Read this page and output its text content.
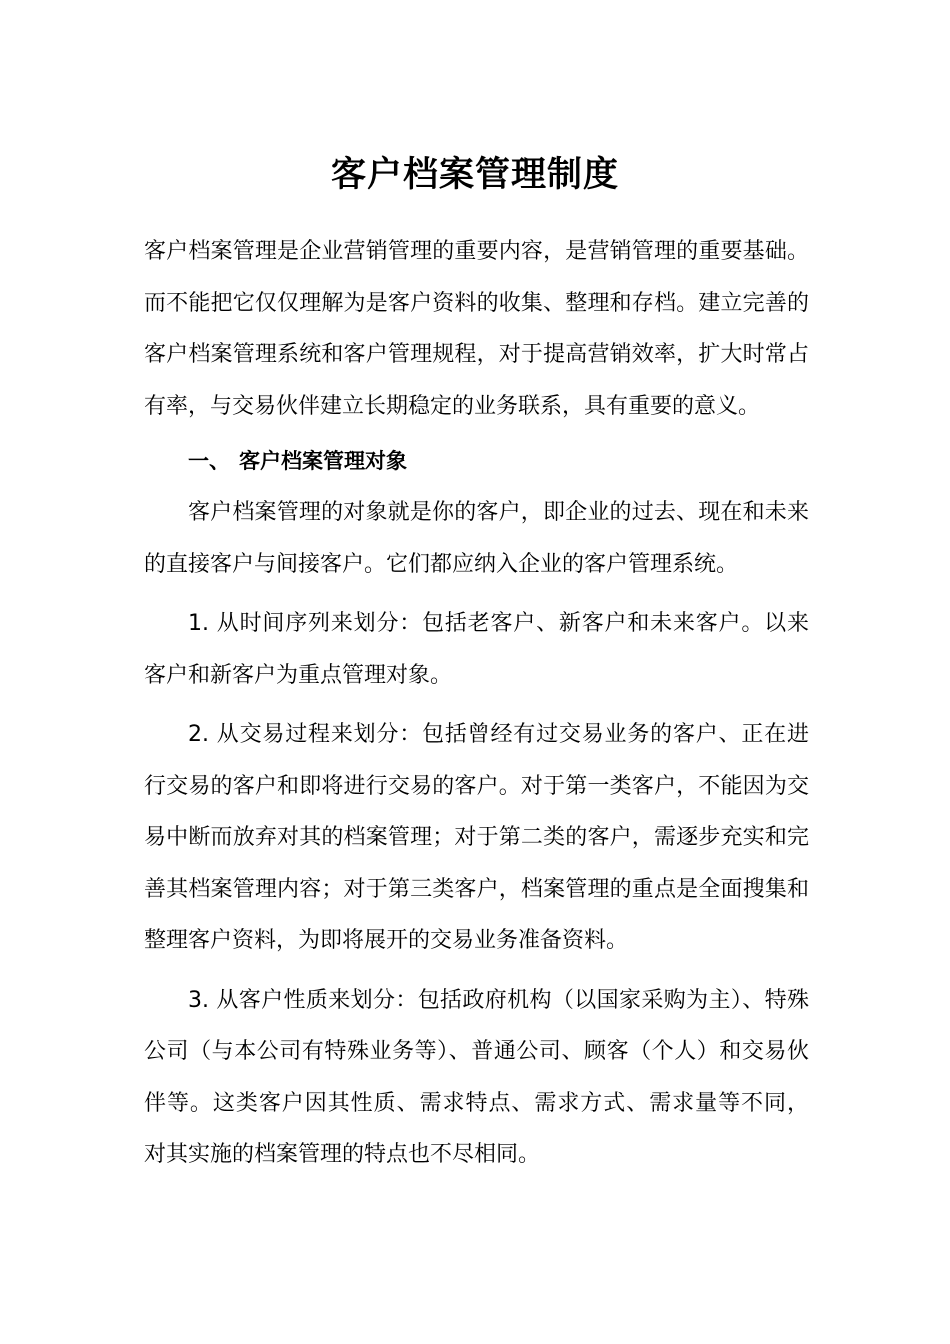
客户档案管理制度

客户档案管理是企业营销管理的重要内容，是营销管理的重要基础。而不能把它仅仅理解为是客户资料的收集、整理和存档。建立完善的客户档案管理系统和客户管理规程，对于提高营销效率，扩大时常占有率，与交易伙伴建立长期稳定的业务联系，具有重要的意义。

一、 客户档案管理对象

客户档案管理的对象就是你的客户，即企业的过去、现在和未来的直接客户与间接客户。它们都应纳入企业的客户管理系统。

1. 从时间序列来划分：包括老客户、新客户和未来客户。以来客户和新客户为重点管理对象。

2. 从交易过程来划分：包括曾经有过交易业务的客户、正在进行交易的客户和即将进行交易的客户。对于第一类客户，不能因为交易中断而放弃对其的档案管理；对于第二类的客户，需逐步充实和完善其档案管理内容；对于第三类客户，档案管理的重点是全面搜集和整理客户资料，为即将展开的交易业务准备资料。

3. 从客户性质来划分：包括政府机构（以国家采购为主）、特殊公司（与本公司有特殊业务等）、普通公司、顾客（个人）和交易伙伴等。这类客户因其性质、需求特点、需求方式、需求量等不同， 对其实施的档案管理的特点也不尽相同。
